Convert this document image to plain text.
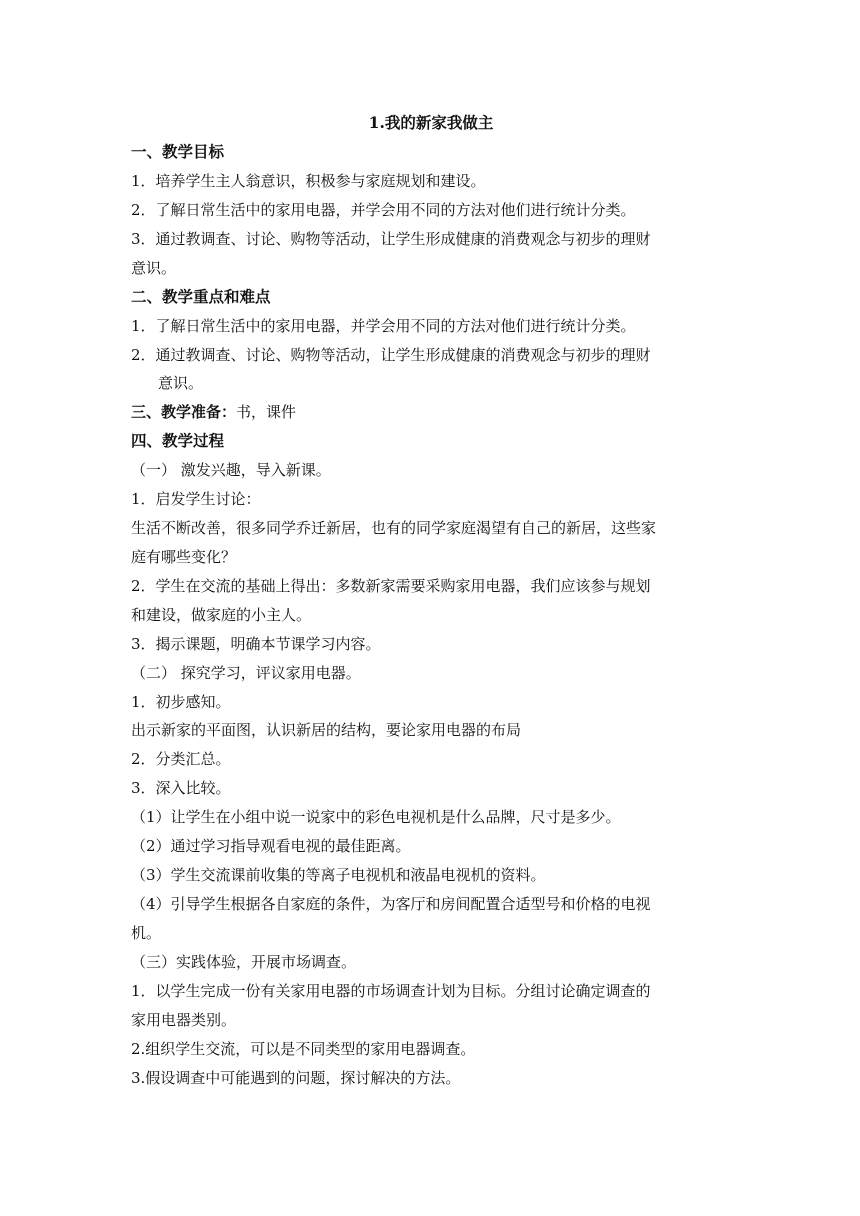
1.我的新家我做主
一、教学目标
1．培养学生主人翁意识，积极参与家庭规划和建设。
2．了解日常生活中的家用电器，并学会用不同的方法对他们进行统计分类。
3．通过教调查、讨论、购物等活动，让学生形成健康的消费观念与初步的理财
意识。
二、教学重点和难点
1．了解日常生活中的家用电器，并学会用不同的方法对他们进行统计分类。
2．通过教调查、讨论、购物等活动，让学生形成健康的消费观念与初步的理财
意识。
三、教学准备：书，课件
四、教学过程
（一） 激发兴趣，导入新课。
1．启发学生讨论：
生活不断改善，很多同学乔迁新居，也有的同学家庭渴望有自己的新居，这些家
庭有哪些变化？
2．学生在交流的基础上得出：多数新家需要采购家用电器，我们应该参与规划
和建设，做家庭的小主人。
3．揭示课题，明确本节课学习内容。
（二） 探究学习，评议家用电器。
1．初步感知。
出示新家的平面图，认识新居的结构，要论家用电器的布局
2．分类汇总。
3．深入比较。
（1）让学生在小组中说一说家中的彩色电视机是什么品牌，尺寸是多少。
（2）通过学习指导观看电视的最佳距离。
（3）学生交流课前收集的等离子电视机和液晶电视机的资料。
（4）引导学生根据各自家庭的条件，为客厅和房间配置合适型号和价格的电视
机。
（三）实践体验，开展市场调查。
1．以学生完成一份有关家用电器的市场调查计划为目标。分组讨论确定调查的
家用电器类别。
2.组织学生交流，可以是不同类型的家用电器调查。
3.假设调查中可能遇到的问题，探讨解决的方法。
